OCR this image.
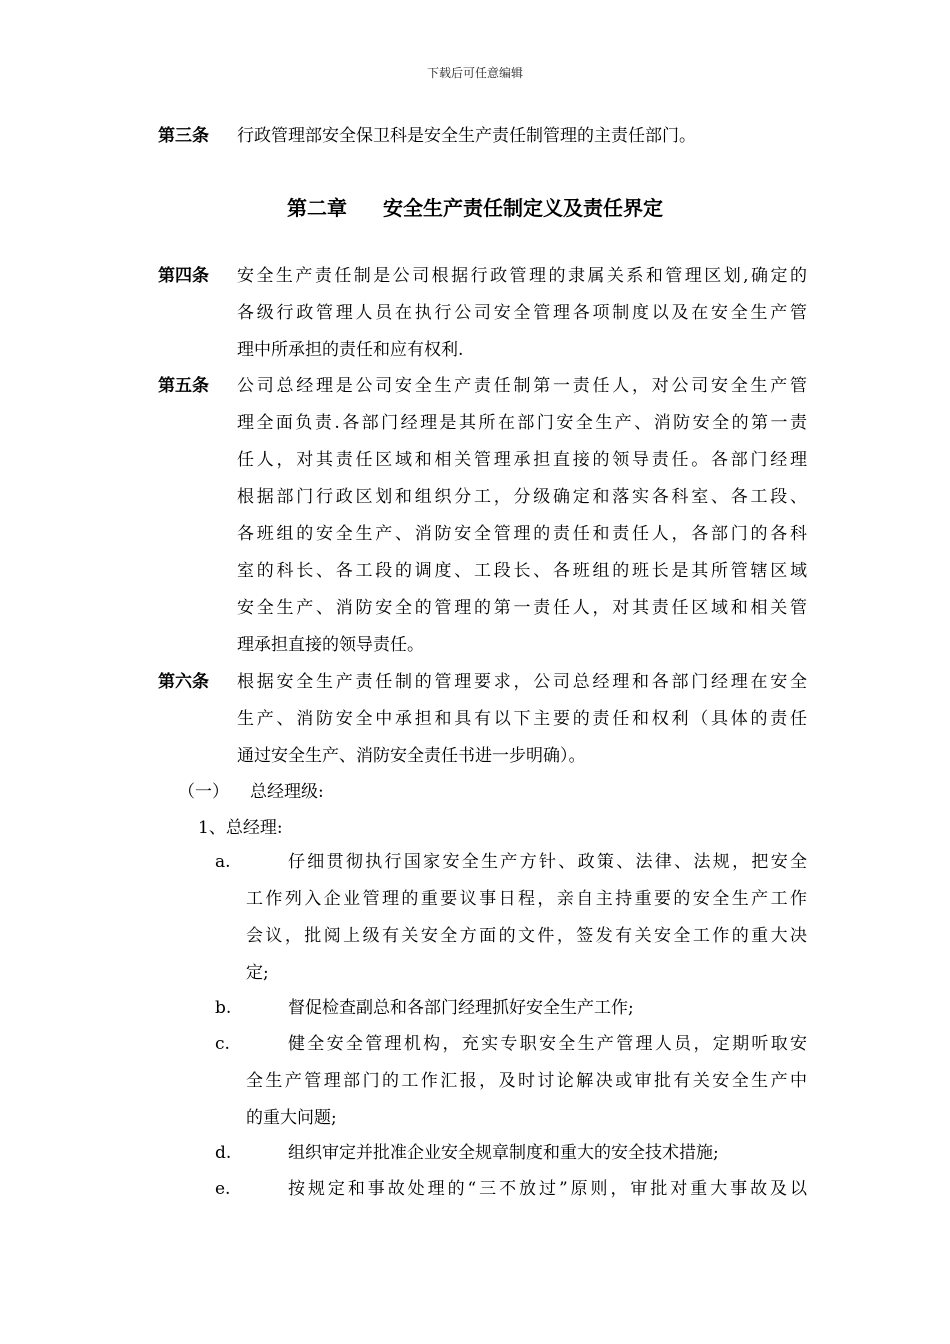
下载后可任意编辑
第三条 行政管理部安全保卫科是安全生产责任制管理的主责任部门。
第二章 安全生产责任制定义及责任界定
第四条 安全生产责任制是公司根据行政管理的隶属关系和管理区划,确定的
各级行政管理人员在执行公司安全管理各项制度以及在安全生产管
理中所承担的责任和应有权利.
第五条 公司总经理是公司安全生产责任制第一责任人，对公司安全生产管
理全面负责.各部门经理是其所在部门安全生产、消防安全的第一责
任人，对其责任区域和相关管理承担直接的领导责任。各部门经理
根据部门行政区划和组织分工，分级确定和落实各科室、各工段、
各班组的安全生产、消防安全管理的责任和责任人，各部门的各科
室的科长、各工段的调度、工段长、各班组的班长是其所管辖区域
安全生产、消防安全的管理的第一责任人，对其责任区域和相关管
理承担直接的领导责任。
第六条 根据安全生产责任制的管理要求，公司总经理和各部门经理在安全
生产、消防安全中承担和具有以下主要的责任和权利（具体的责任
通过安全生产、消防安全责任书进一步明确）。
（一） 总经理级:
1、总经理:
a.	仔细贯彻执行国家安全生产方针、政策、法律、法规，把安全
工作列入企业管理的重要议事日程，亲自主持重要的安全生产工作
会议，批阅上级有关安全方面的文件，签发有关安全工作的重大决
定;
b.	督促检查副总和各部门经理抓好安全生产工作;
c.	健全安全管理机构，充实专职安全生产管理人员，定期听取安
全生产管理部门的工作汇报，及时讨论解决或审批有关安全生产中
的重大问题;
d.	组织审定并批准企业安全规章制度和重大的安全技术措施;
e.	按规定和事故处理的“三不放过”原则，审批对重大事故及以
